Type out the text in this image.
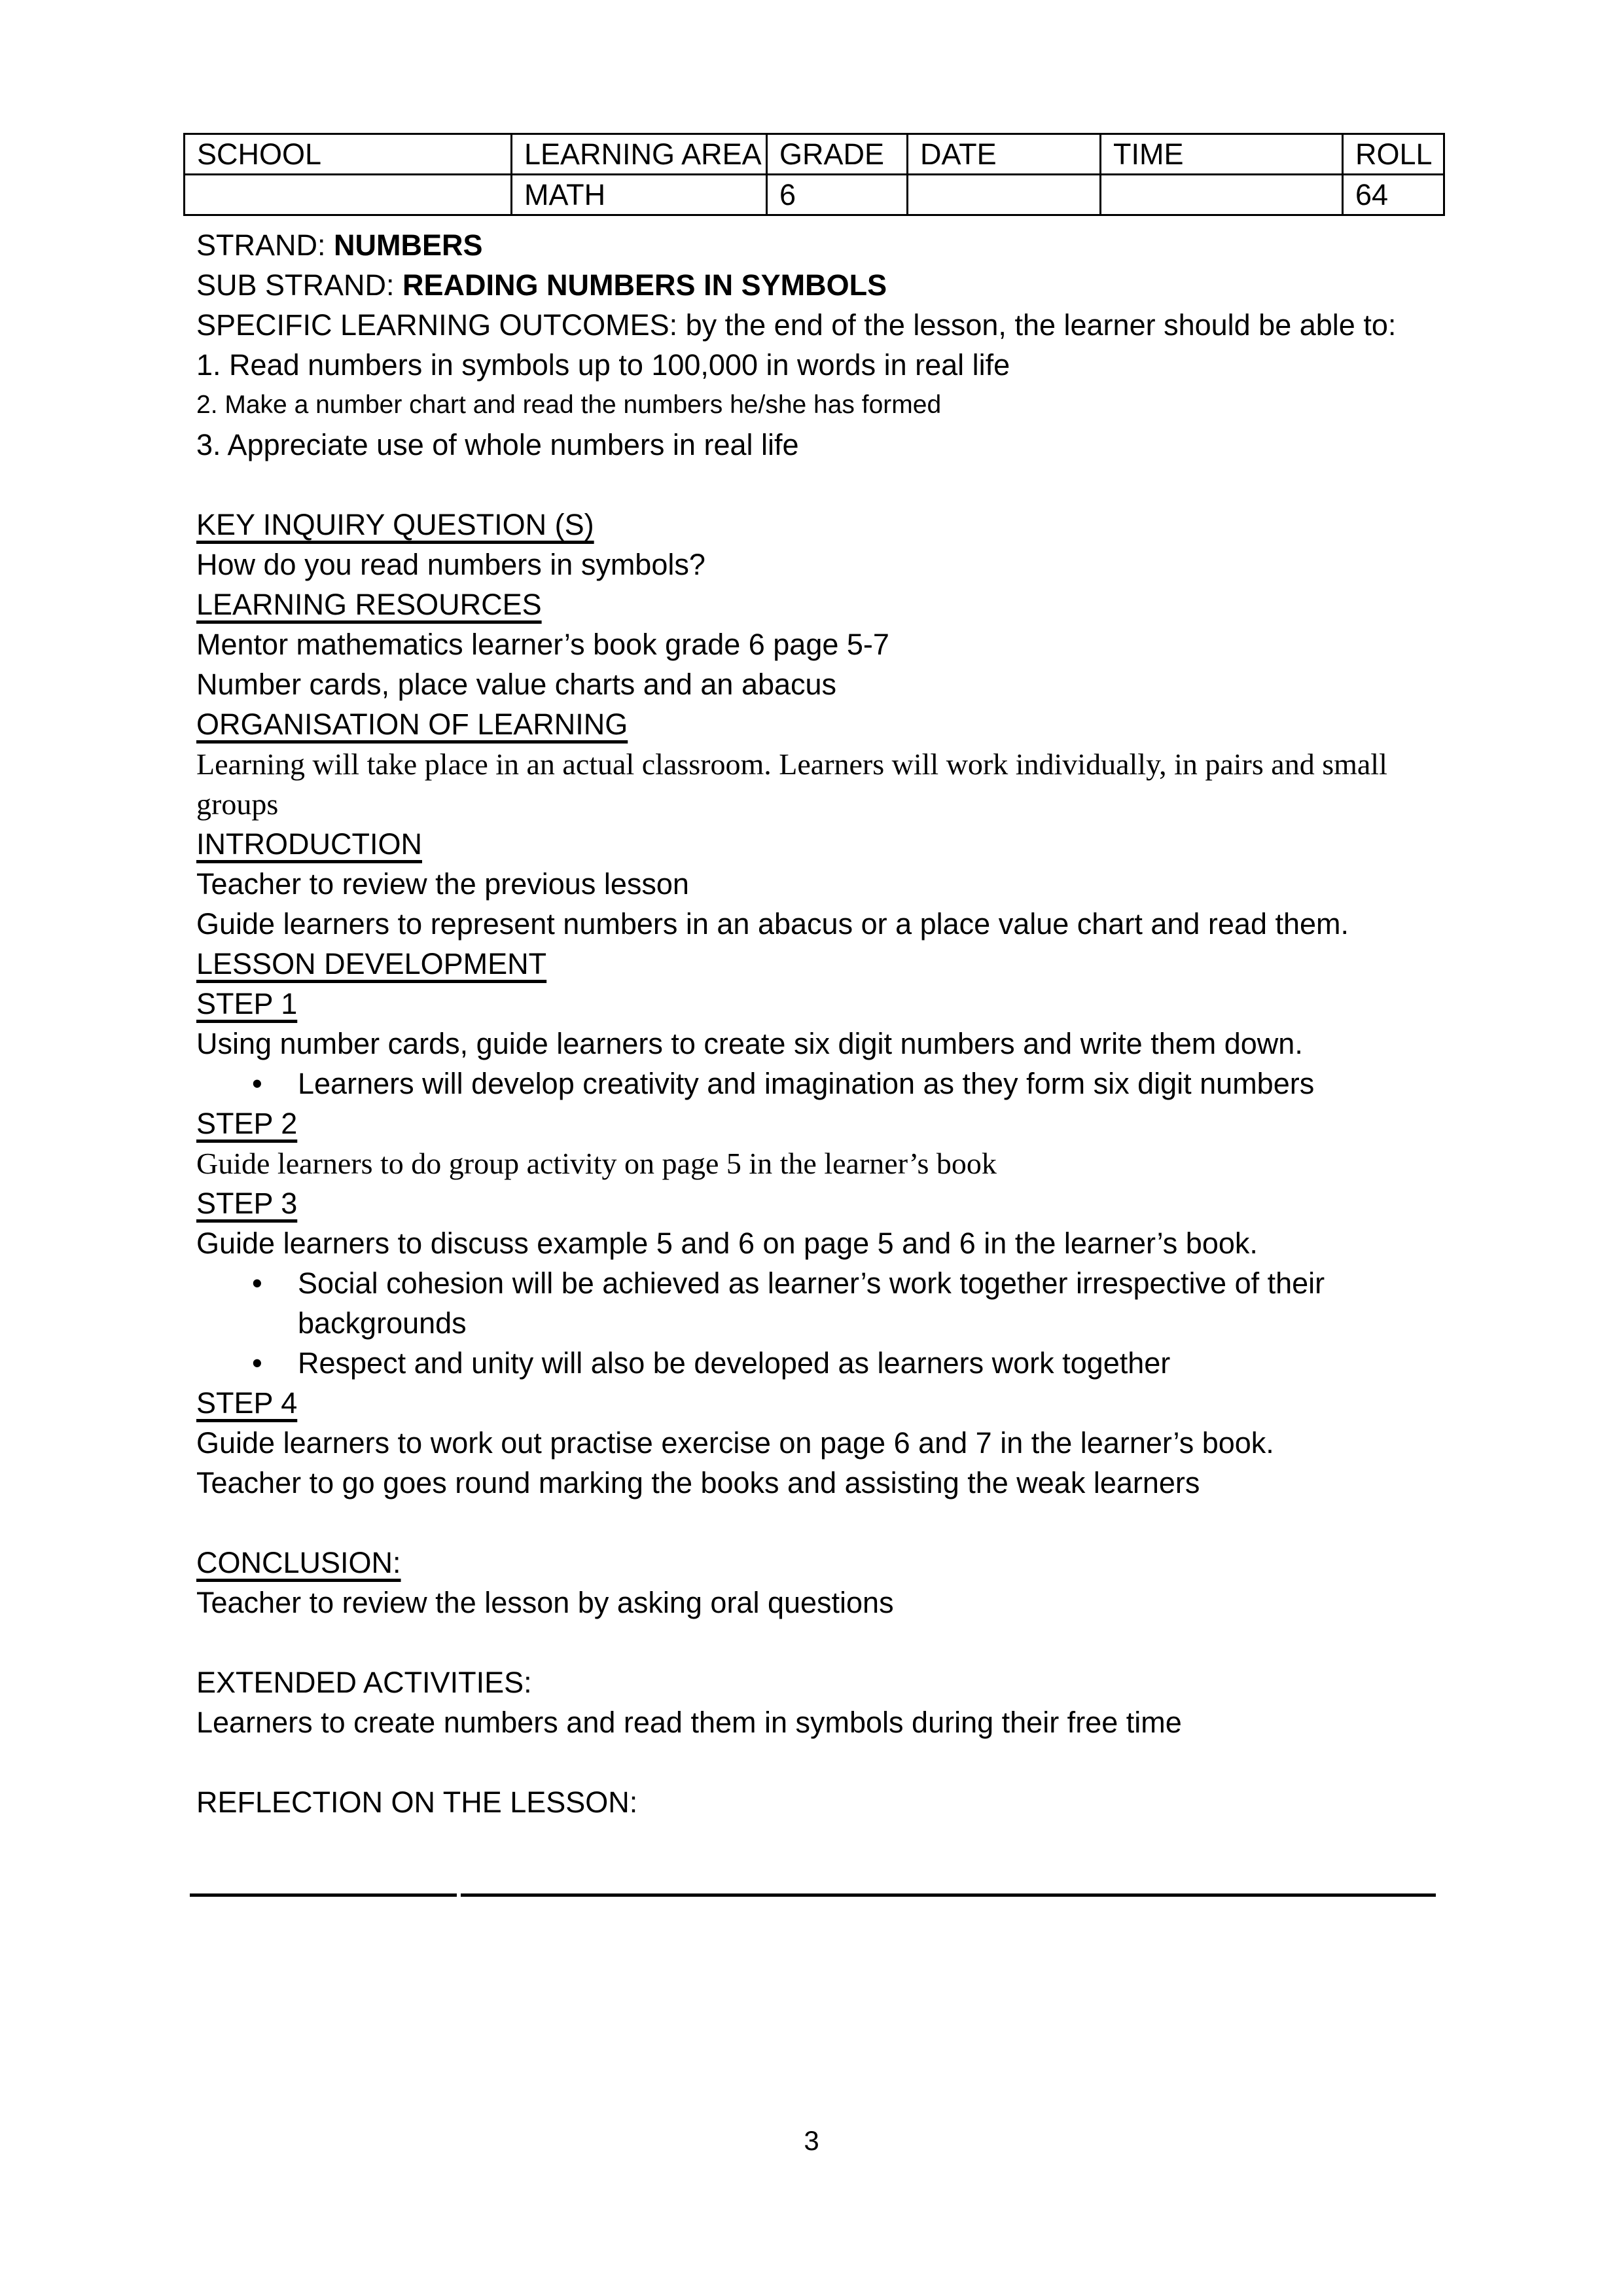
SCHOOL	LEARNING AREA	GRADE	DATE	TIME	ROLL
	MATH	6			64

STRAND: NUMBERS

SUB STRAND: READING NUMBERS IN SYMBOLS

SPECIFIC LEARNING OUTCOMES: by the end of the lesson, the learner should be able to:

1. Read numbers in symbols up to 100,000 in words in real life

2. Make a number chart and read the numbers he/she has formed

3. Appreciate use of whole numbers in real life

KEY INQUIRY QUESTION (S)

How do you read numbers in symbols?

LEARNING RESOURCES

Mentor mathematics learner’s book grade 6 page 5-7

Number cards, place value charts and an abacus

ORGANISATION OF LEARNING

Learning will take place in an actual classroom. Learners will work individually, in pairs and small groups

INTRODUCTION

Teacher to review the previous lesson

Guide learners to represent numbers in an abacus or a place value chart and read them.

LESSON DEVELOPMENT

STEP 1

Using number cards, guide learners to create six digit numbers and write them down.

• Learners will develop creativity and imagination as they form six digit numbers

STEP 2

Guide learners to do group activity on page 5 in the learner’s book

STEP 3

Guide learners to discuss example 5 and 6 on page 5 and 6 in the learner’s book.

• Social cohesion will be achieved as learner’s work together irrespective of their backgrounds
• Respect and unity will also be developed as learners work together

STEP 4

Guide learners to work out practise exercise on page 6 and 7 in the learner’s book.

Teacher to go goes round marking the books and assisting the weak learners

CONCLUSION:

Teacher to review the lesson by asking oral questions

EXTENDED ACTIVITIES:

Learners to create numbers and read them in symbols during their free time

REFLECTION ON THE LESSON:

3
